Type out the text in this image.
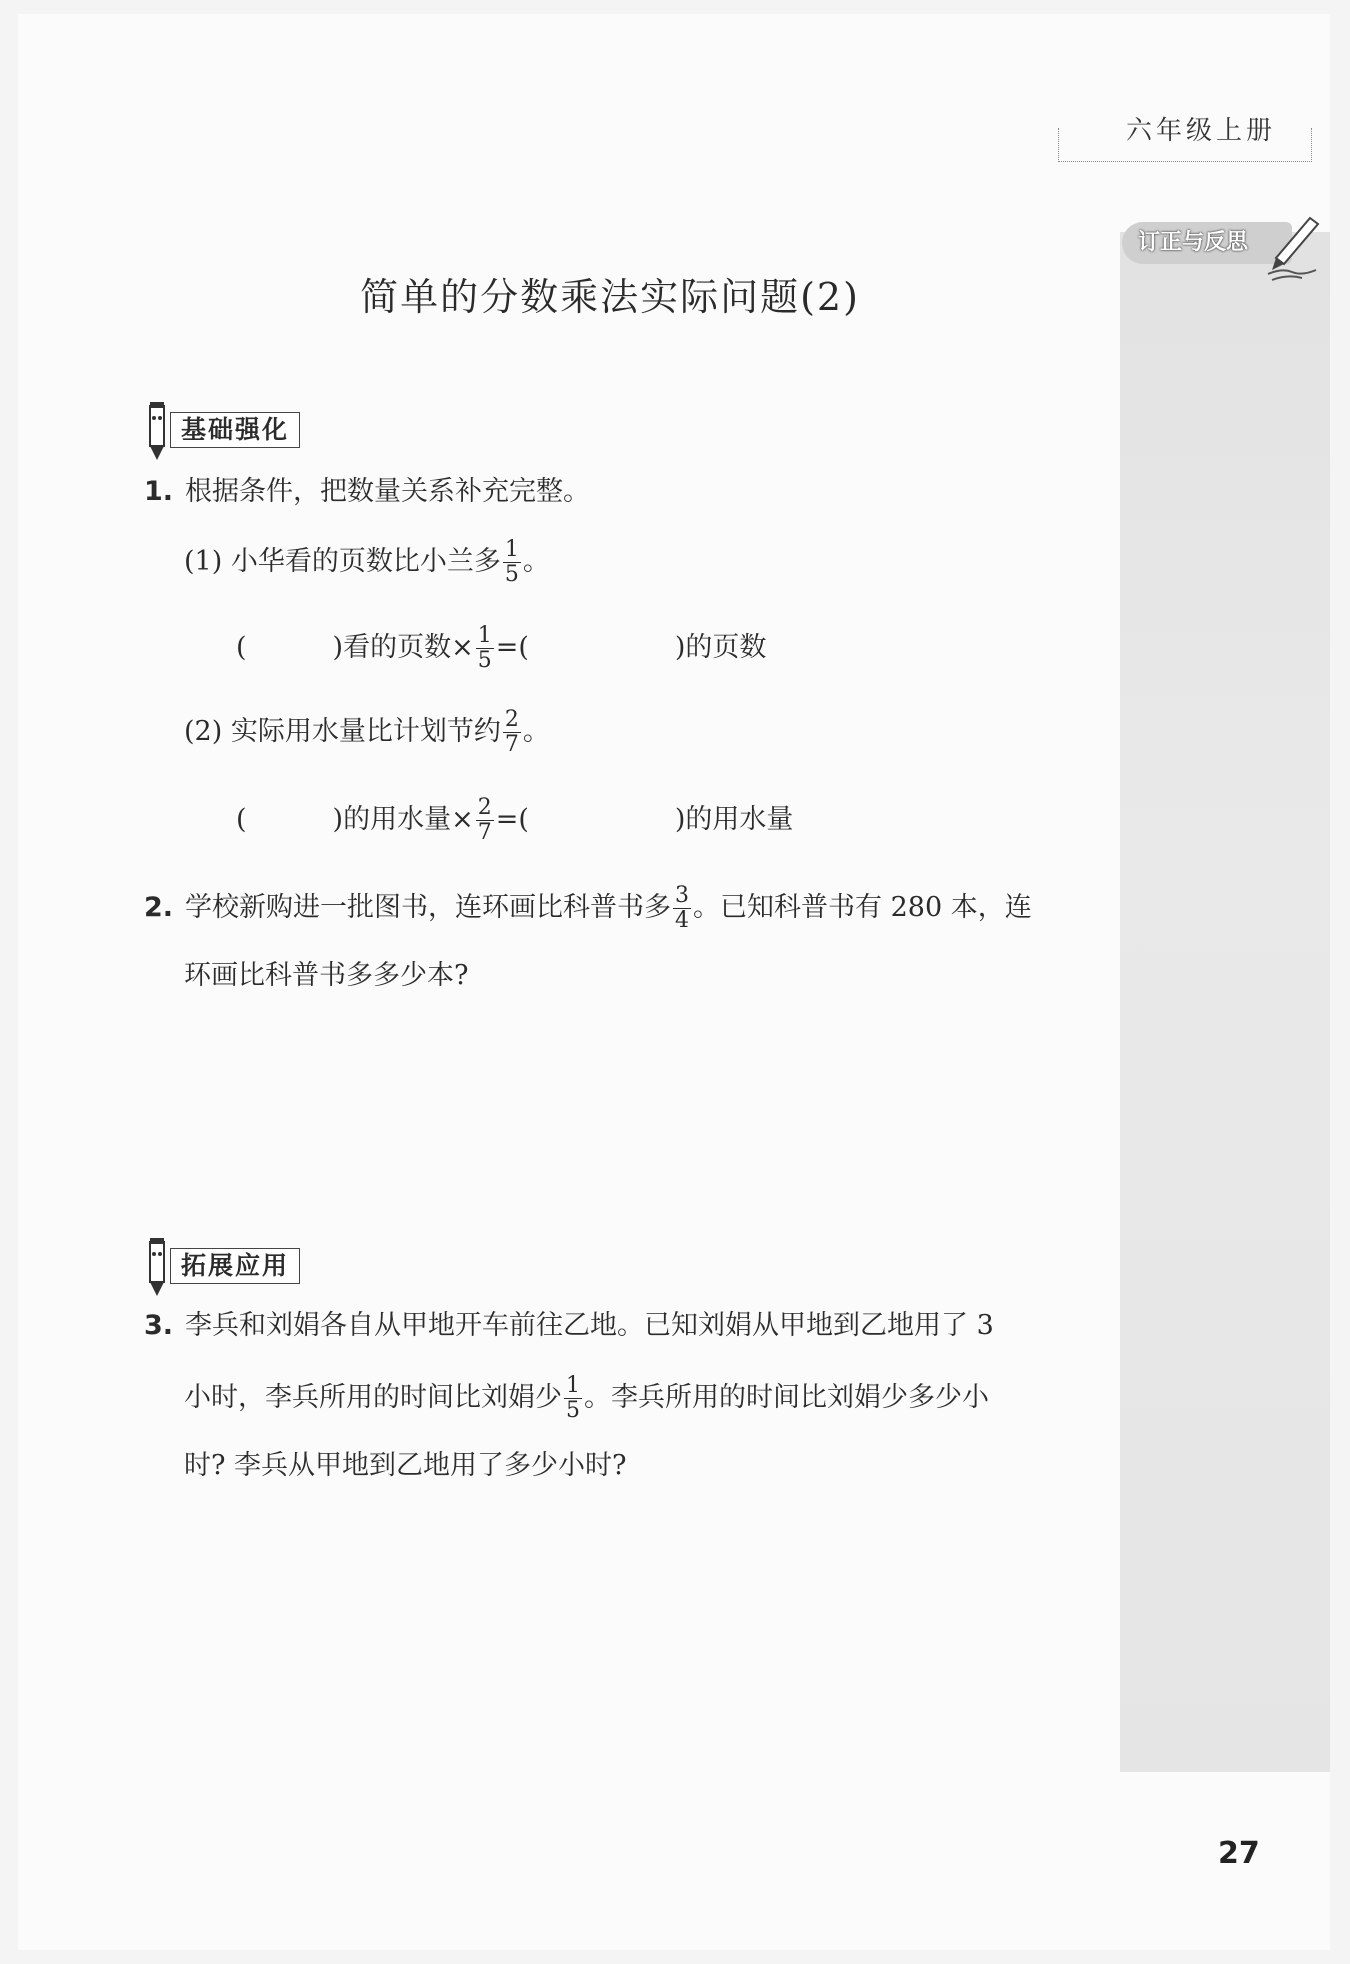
六年级上册
订正与反思
简单的分数乘法实际问题(2)
基础强化
1. 根据条件，把数量关系补充完整。
(1) 小华看的页数比小兰多 $\frac{1}{5}$ 。
(	)看的页数× $\frac{1}{5}$ =(	)的页数
(2) 实际用水量比计划节约 $\frac{2}{7}$ 。
(	)的用水量× $\frac{2}{7}$ =(	)的用水量
2. 学校新购进一批图书，连环画比科普书多 $\frac{3}{4}$ 。已知科普书有 280 本，连
环画比科普书多多少本?
拓展应用
3. 李兵和刘娟各自从甲地开车前往乙地。已知刘娟从甲地到乙地用了 3
小时，李兵所用的时间比刘娟少 $\frac{1}{5}$ 。李兵所用的时间比刘娟少多少小
时? 李兵从甲地到乙地用了多少小时?
27
